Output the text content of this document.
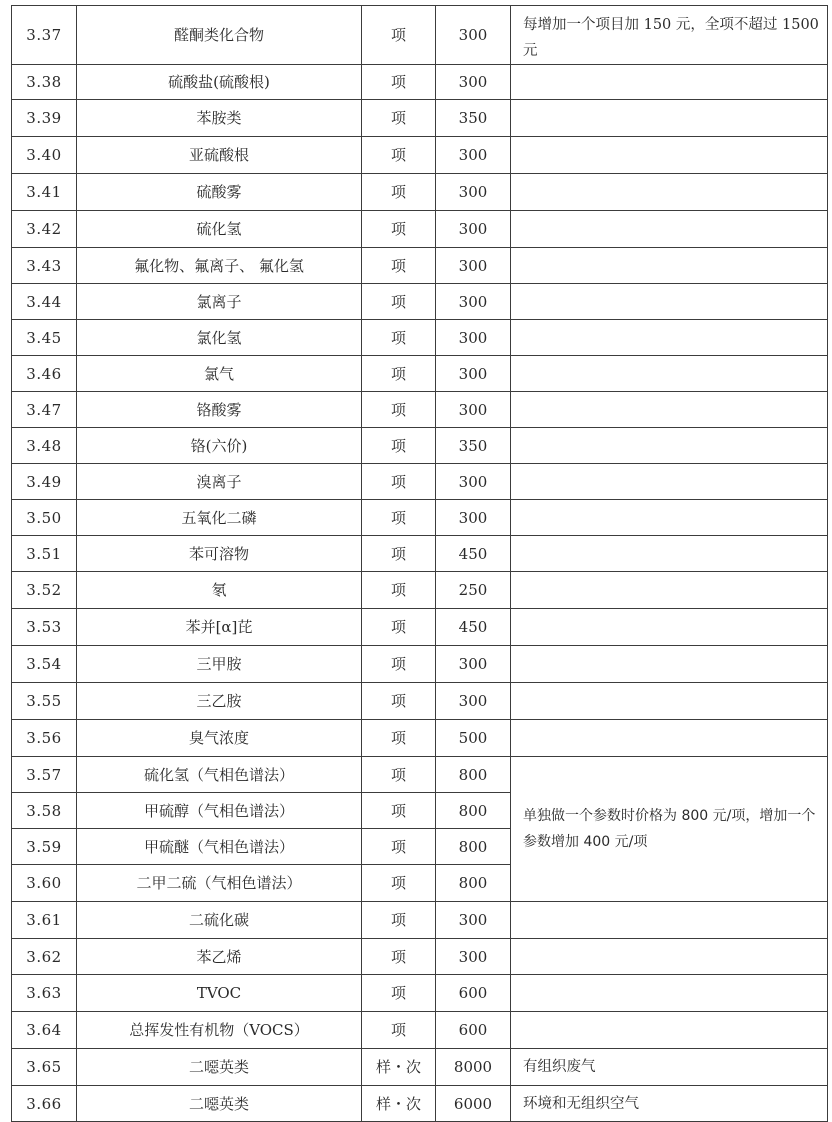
3.37	醛酮类化合物	项	300	每增加一个项目加 150 元，全项不超过 1500 元
3.38	硫酸盐(硫酸根)	项	300	
3.39	苯胺类	项	350	
3.40	亚硫酸根	项	300	
3.41	硫酸雾	项	300	
3.42	硫化氢	项	300	
3.43	氟化物、氟离子、 氟化氢	项	300	
3.44	氯离子	项	300	
3.45	氯化氢	项	300	
3.46	氯气	项	300	
3.47	铬酸雾	项	300	
3.48	铬(六价)	项	350	
3.49	溴离子	项	300	
3.50	五氧化二磷	项	300	
3.51	苯可溶物	项	450	
3.52	氡	项	250	
3.53	苯并[α]芘	项	450	
3.54	三甲胺	项	300	
3.55	三乙胺	项	300	
3.56	臭气浓度	项	500	
3.57	硫化氢（气相色谱法）	项	800	单独做一个参数时价格为 800 元/项，增加一个参数增加 400 元/项
3.58	甲硫醇（气相色谱法）	项	800	
3.59	甲硫醚（气相色谱法）	项	800	
3.60	二甲二硫（气相色谱法）	项	800	
3.61	二硫化碳	项	300	
3.62	苯乙烯	项	300	
3.63	TVOC	项	600	
3.64	总挥发性有机物（VOCS）	项	600	
3.65	二噁英类	样・次	8000	有组织废气
3.66	二噁英类	样・次	6000	环境和无组织空气
